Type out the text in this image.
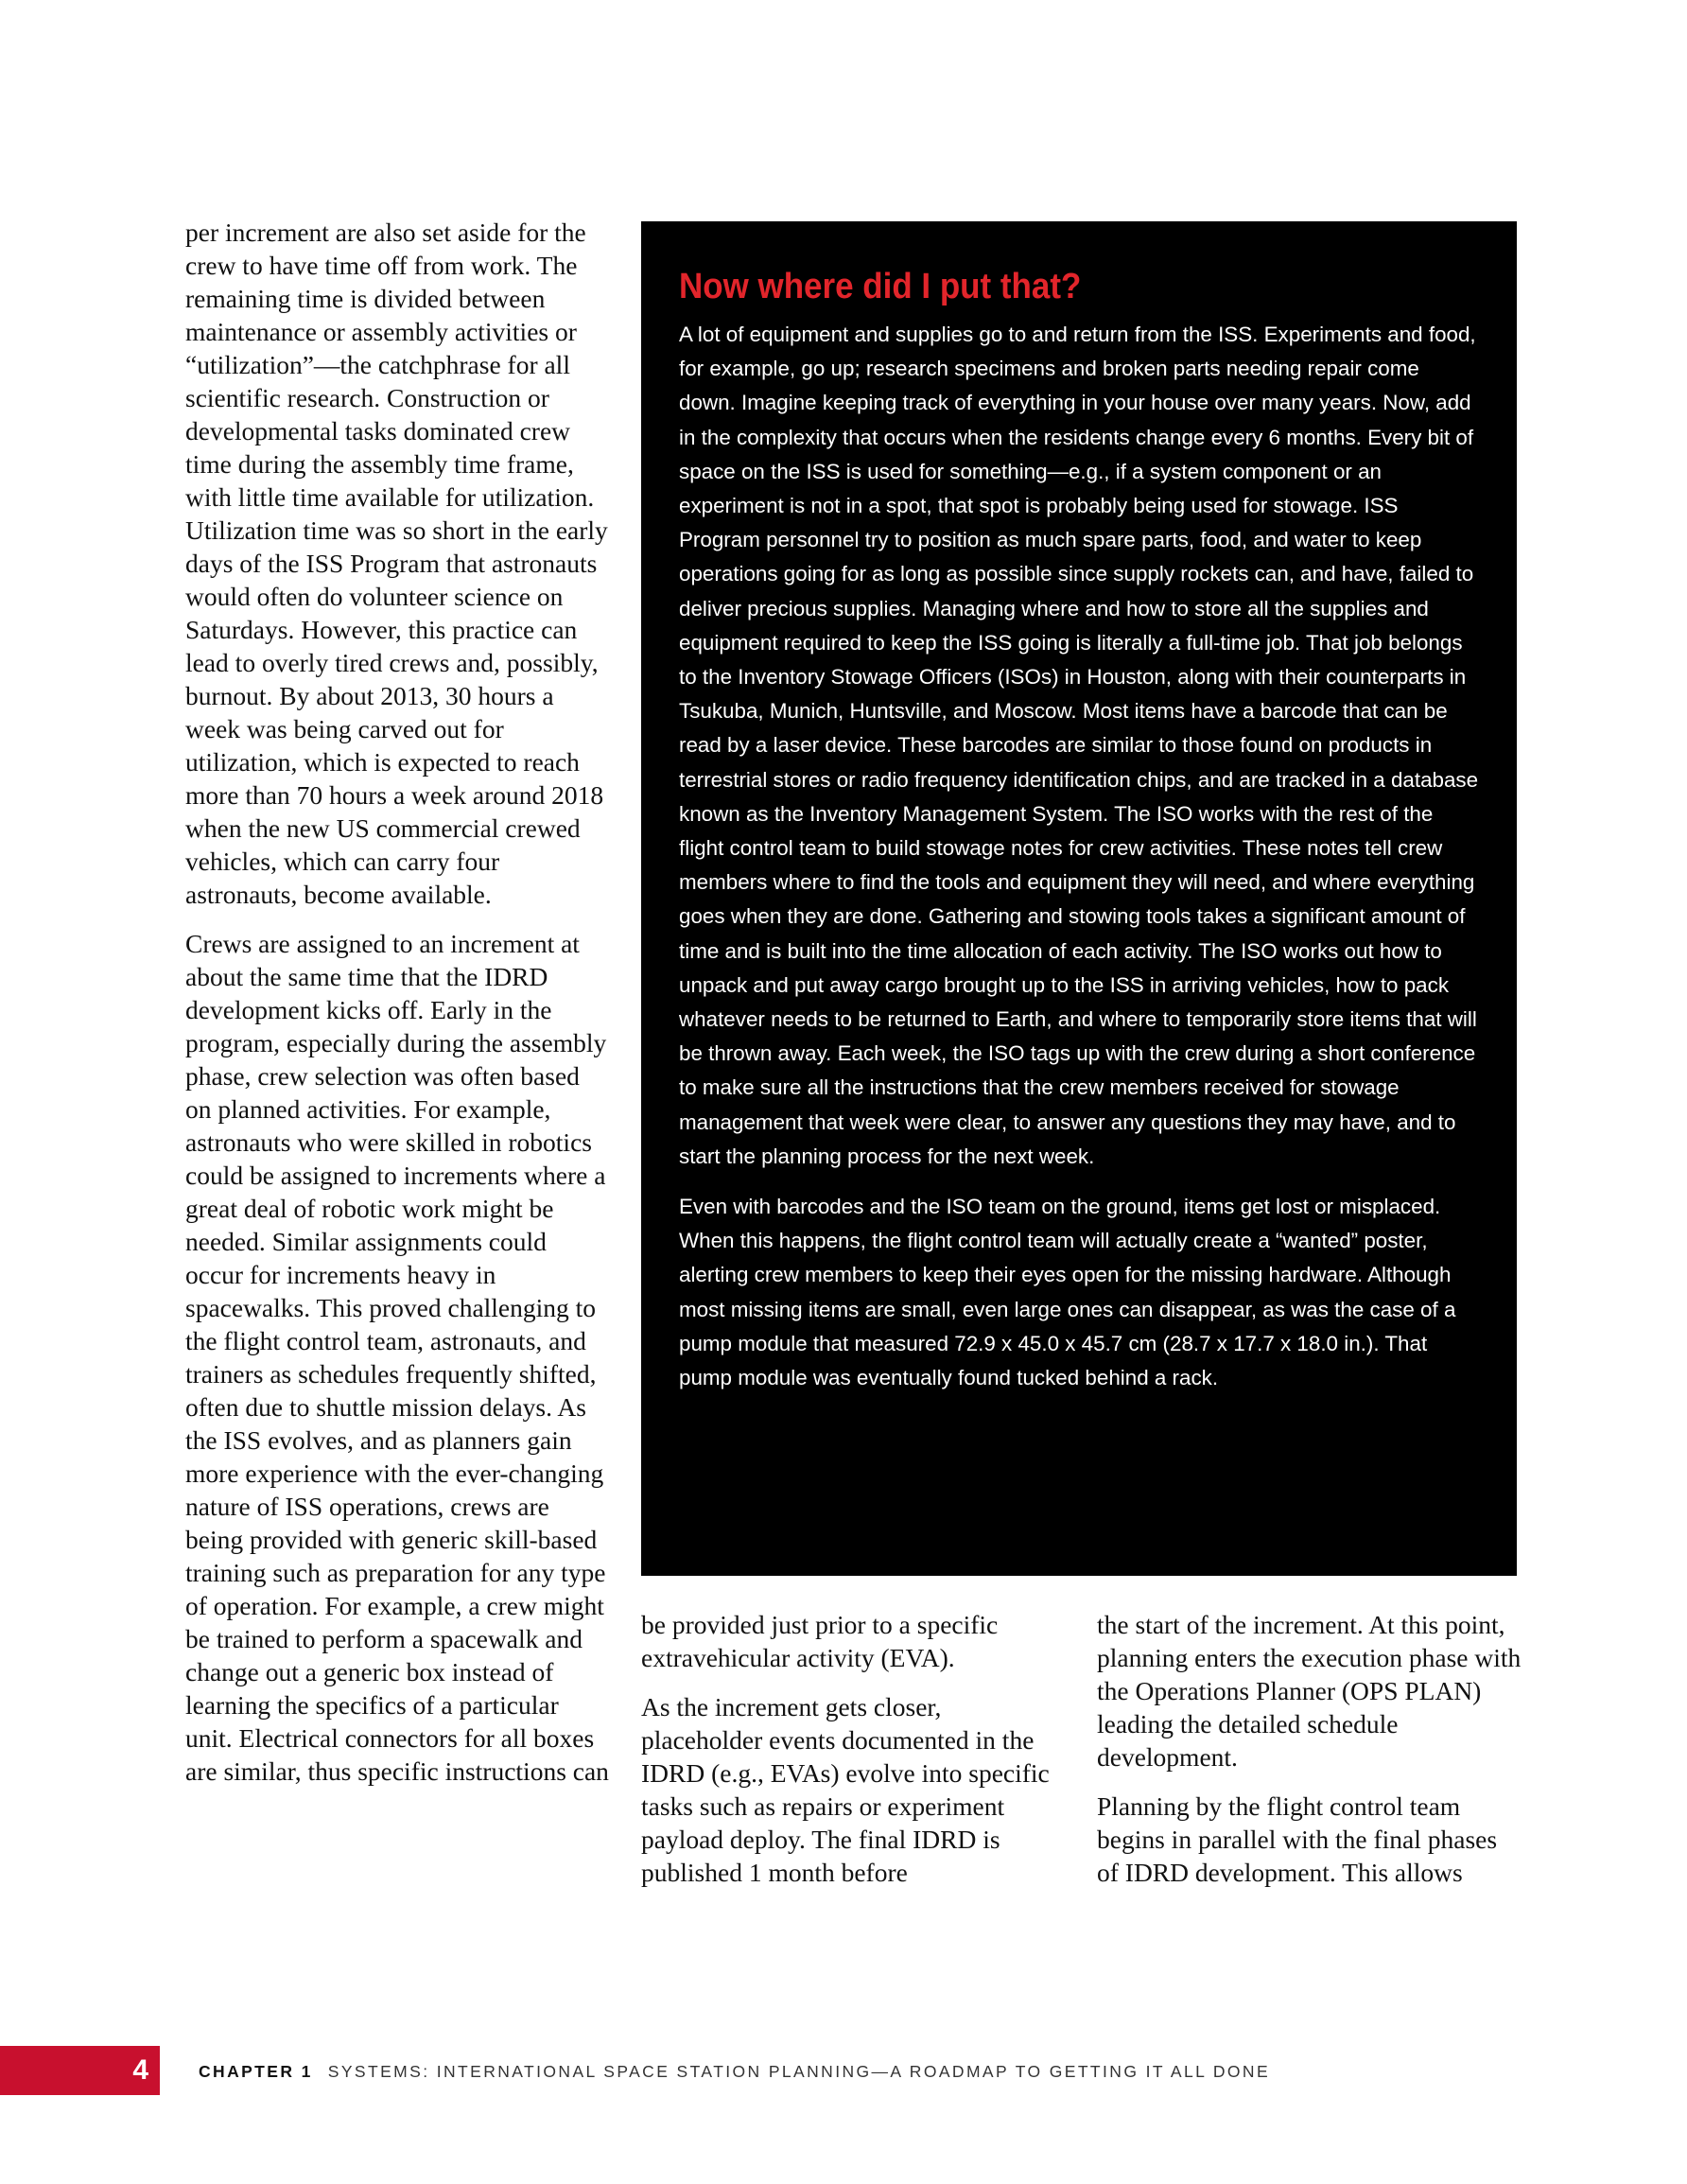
per increment are also set aside for the crew to have time off from work. The remaining time is divided between maintenance or assembly activities or “utilization”—the catchphrase for all scientific research. Construction or developmental tasks dominated crew time during the assembly time frame, with little time available for utilization. Utilization time was so short in the early days of the ISS Program that astronauts would often do volunteer science on Saturdays. However, this practice can lead to overly tired crews and, possibly, burnout. By about 2013, 30 hours a week was being carved out for utilization, which is expected to reach more than 70 hours a week around 2018 when the new US commercial crewed vehicles, which can carry four astronauts, become available.

Crews are assigned to an increment at about the same time that the IDRD development kicks off. Early in the program, especially during the assembly phase, crew selection was often based on planned activities. For example, astronauts who were skilled in robotics could be assigned to increments where a great deal of robotic work might be needed. Similar assignments could occur for increments heavy in spacewalks. This proved challenging to the flight control team, astronauts, and trainers as schedules frequently shifted, often due to shuttle mission delays. As the ISS evolves, and as planners gain more experience with the ever-changing nature of ISS operations, crews are being provided with generic skill-based training such as preparation for any type of operation. For example, a crew might be trained to perform a spacewalk and change out a generic box instead of learning the specifics of a particular unit. Electrical connectors for all boxes are similar, thus specific instructions can

Now where did I put that?

A lot of equipment and supplies go to and return from the ISS. Experiments and food, for example, go up; research specimens and broken parts needing repair come down. Imagine keeping track of everything in your house over many years. Now, add in the complexity that occurs when the residents change every 6 months. Every bit of space on the ISS is used for something—e.g., if a system component or an experiment is not in a spot, that spot is probably being used for stowage. ISS Program personnel try to position as much spare parts, food, and water to keep operations going for as long as possible since supply rockets can, and have, failed to deliver precious supplies. Managing where and how to store all the supplies and equipment required to keep the ISS going is literally a full-time job. That job belongs to the Inventory Stowage Officers (ISOs) in Houston, along with their counterparts in Tsukuba, Munich, Huntsville, and Moscow. Most items have a barcode that can be read by a laser device. These barcodes are similar to those found on products in terrestrial stores or radio frequency identification chips, and are tracked in a database known as the Inventory Management System. The ISO works with the rest of the flight control team to build stowage notes for crew activities. These notes tell crew members where to find the tools and equipment they will need, and where everything goes when they are done. Gathering and stowing tools takes a significant amount of time and is built into the time allocation of each activity. The ISO works out how to unpack and put away cargo brought up to the ISS in arriving vehicles, how to pack whatever needs to be returned to Earth, and where to temporarily store items that will be thrown away. Each week, the ISO tags up with the crew during a short conference to make sure all the instructions that the crew members received for stowage management that week were clear, to answer any questions they may have, and to start the planning process for the next week.

Even with barcodes and the ISO team on the ground, items get lost or misplaced. When this happens, the flight control team will actually create a “wanted” poster, alerting crew members to keep their eyes open for the missing hardware. Although most missing items are small, even large ones can disappear, as was the case of a pump module that measured 72.9 x 45.0 x 45.7 cm (28.7 x 17.7 x 18.0 in.). That pump module was eventually found tucked behind a rack.

be provided just prior to a specific extravehicular activity (EVA).

As the increment gets closer, placeholder events documented in the IDRD (e.g., EVAs) evolve into specific tasks such as repairs or experiment payload deploy. The final IDRD is published 1 month before

the start of the increment. At this point, planning enters the execution phase with the Operations Planner (OPS PLAN) leading the detailed schedule development.

Planning by the flight control team begins in parallel with the final phases of IDRD development. This allows

4	CHAPTER 1 SYSTEMS: INTERNATIONAL SPACE STATION PLANNING—A ROADMAP TO GETTING IT ALL DONE
